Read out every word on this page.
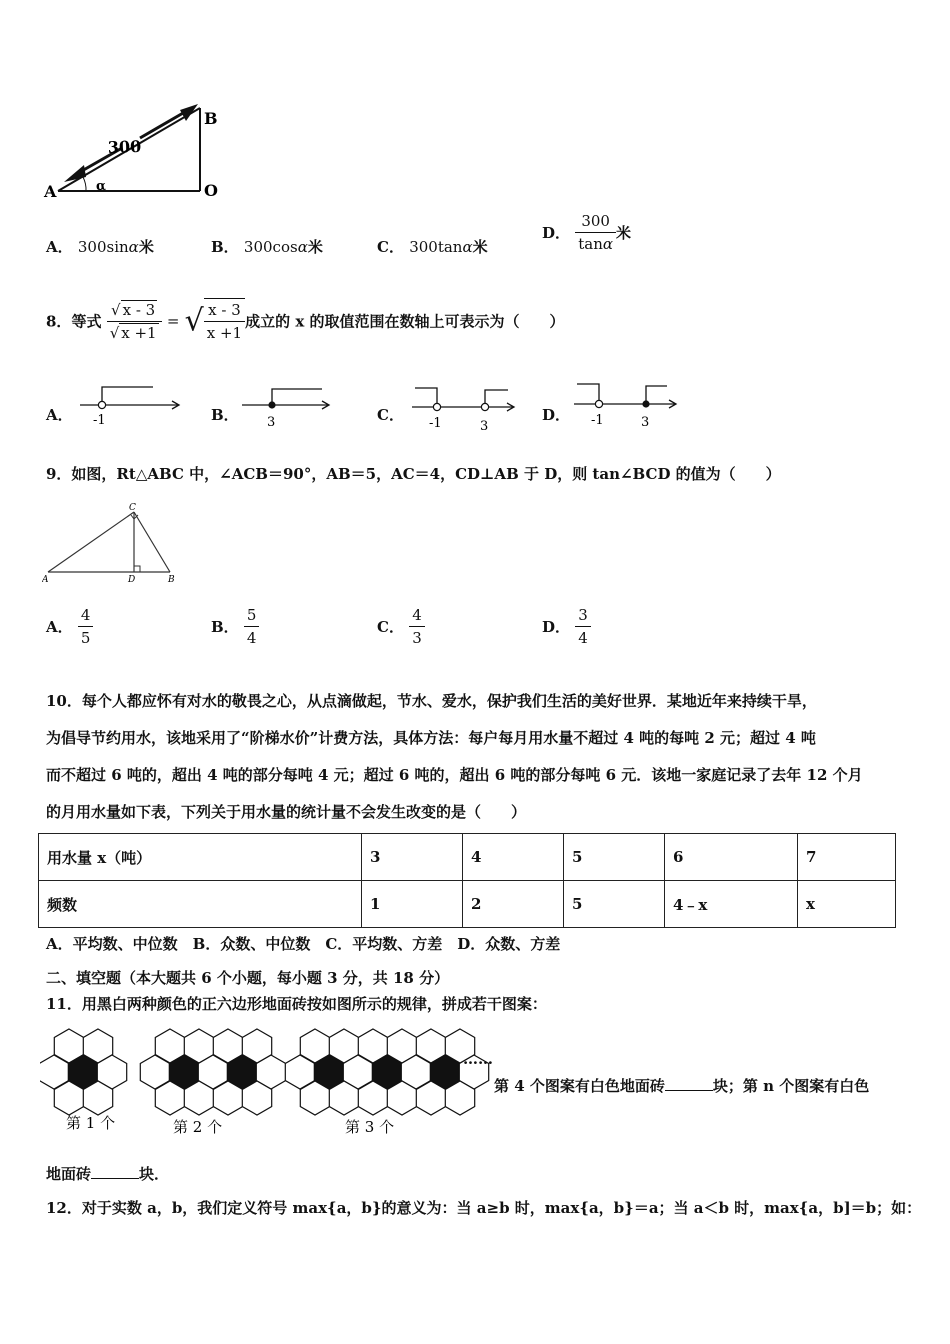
A
B
O
300
α
A． 300sinα米	B． 300cosα米	C． 300tanα米
D． $\frac{300}{\tan\alpha}$ 米
8．等式 $\frac{√ x - 3}{√ x +1}$ = √ $\frac{x - 3}{x +1}$ 成立的 x 的取值范围在数轴上可表示为（　　）
A． -1	B． 3	C． -1	3
D． -1	3
9．如图，Rt△ABC 中，∠ACB＝90°，AB＝5，AC＝4，CD⊥AB 于 D，则 tan∠BCD 的值为（　　）
A	B
C
D
A． $\frac{4}{5}$	B． $\frac{5}{4}$	C． $\frac{4}{3}$	D． $\frac{3}{4}$
10．每个人都应怀有对水的敬畏之心，从点滴做起，节水、爱水，保护我们生活的美好世界．某地近年来持续干旱，
为倡导节约用水，该地采用了“阶梯水价”计费方法，具体方法：每户每月用水量不超过 4 吨的每吨 2 元；超过 4 吨
而不超过 6 吨的，超出 4 吨的部分每吨 4 元；超过 6 吨的，超出 6 吨的部分每吨 6 元．该地一家庭记录了去年 12 个月
的月用水量如下表，下列关于用水量的统计量不会发生改变的是（　　）
用水量 x（吨）	3	4	5	6	7
频数	1	2	5	4﹣x	x
A．平均数、中位数　B．众数、中位数　C．平均数、方差　D．众数、方差
二、填空题（本大题共 6 个小题，每小题 3 分，共 18 分）
11．用黑白两种颜色的正六边形地面砖按如图所示的规律，拼成若干图案：
第 1 个	第 2 个	第 3 个
……
第 4 个图案有白色地面砖	块；第 n 个图案有白色
地面砖	块．
12．对于实数 a，b，我们定义符号 max{a，b}的意义为：当 a≥b 时，max{a，b}＝a；当 a＜b 时，max{a，b]＝b；如：
